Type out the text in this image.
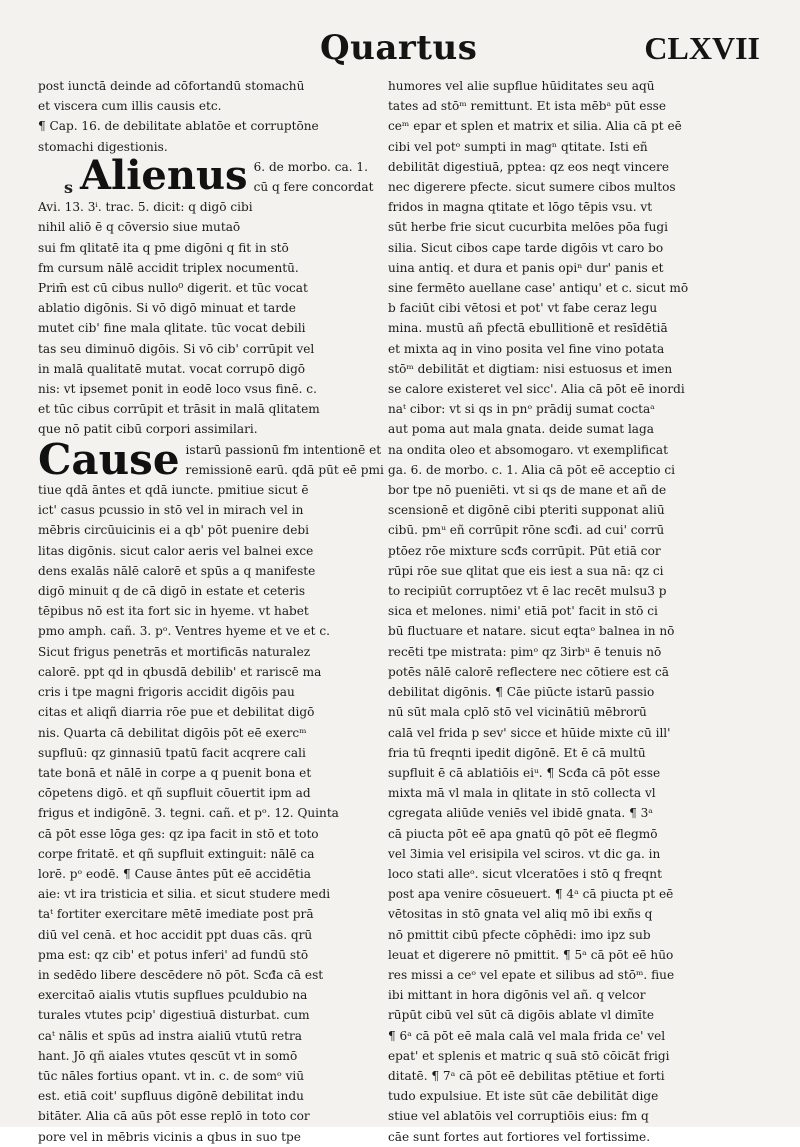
Quartus	CLXVII
s
post iunctā deinde ad cōfortandū stomachū
et viscera cum illis causis etc.
¶ Cap. 16. de debilitate ablatōe et corruptōne
stomachi digestionis.
Alienus 6. de morbo. ca. 1.
cū q fere concordat
Avi. 13. 3ⁱ. trac. 5. dicit: q digō cibi
nihil aliō ē q cōversio siue mutaō
sui fm qlitatē ita q pme digōni q fit in stō
fm cursum nālē accidit triplex nocumentū.
Prim̄ est cū cibus nullo⁰ digerit. et tūc vocat
ablatio digōnis. Si vō digō minuat et tarde
mutet cib' fine mala qlitate. tūc vocat debili
tas seu diminuō digōis. Si vō cib' corrūpit vel
in malā qualitatē mutat. vocat corrupō digō
nis: vt ipsemet ponit in eodē loco vsus finē. c.
et tūc cibus corrūpit et trāsit in malā qlitatem
que nō patit cibū corpori assimilari.
Cause istarū passionū fm intentionē et
remissionē earū. qdā pūt eē pmi
tiue qdā āntes et qdā iuncte. pmitiue sicut ē
ict' casus pcussio in stō vel in mirach vel in
mēbris circūuicinis ei a qb' pōt puenire debi
litas digōnis. sicut calor aeris vel balnei exce
dens exalās nālē calorē et spūs a q manifeste
digō minuit q de cā digō in estate et ceteris
tēpibus nō est ita fort sic in hyeme. vt habet
pmo amph. cañ. 3. pᵒ. Ventres hyeme et ve et c.
Sicut frigus penetrās et mortificās naturalez
calorē. ppt qd in qbusdā debilib' et rariscē ma
cris i tpe magni frigoris accidit digōis pau
citas et aliqñ diarria rōe pue et debilitat digō
nis. Quarta cā debilitat digōis pōt eē exercᵐ
supfluū: qz ginnasiū tpatū facit acqrere cali
tate bonā et nālē in corpe a q puenit bona et
cōpetens digō. et qñ supfluit cōuertit ipm ad
frigus et indigōnē. 3. tegni. cañ. et pᵒ. 12. Quinta
cā pōt esse lōga ges: qz ipa facit in stō et toto
corpe fritatē. et qñ supfluit extinguit: nālē ca
lorē. pᵒ eodē. ¶ Cause āntes pūt eē accidētia
aie: vt ira tristicia et silia. et sicut studere medi
taᵗ fortiter exercitare mētē imediate post prā
diū vel cenā. et hoc accidit ppt duas cās. qrū
pma est: qz cib' et potus inferi' ad fundū stō
in sedēdo libere descēdere nō pōt. Scđa cā est
exercitaō aialis vtutis supflues pculdubio na
turales vtutes pcip' digestiuā disturbat. cum
caᵗ nālis et spūs ad instra aialiū vtutū retra
hant. Jō qñ aiales vtutes qescūt vt in somō
tūc nāles fortius opant. vt in. c. de somᵒ viū
est. etiā coit' supfluus digōnē debilitat indu
bitāter. Alia cā aūs pōt esse replō in toto cor
pore vel in mēbris vicinis a qbus in suo tpe
humores vel alie supflue hūiditates seu aqū
tates ad stōᵐ remittunt. Et ista mēbᵃ pūt esse
ceᵐ epar et splen et matrix et silia. Alia cā pt eē
cibi vel potᵒ sumpti in magⁿ qtitate. Isti eñ
debilitāt digestiuā, pptea: qz eos neqt vincere
nec digerere pfecte. sicut sumere cibos multos
fridos in magna qtitate et lōgo tēpis vsu. vt
sūt herbe frie sicut cucurbita melōes pōa fugi
silia. Sicut cibos cape tarde digōis vt caro bo
uina antiq. et dura et panis opiⁿ dur' panis et
sine fermēto auellane case' antiqu' et c. sicut mō
b faciūt cibi vētosi et pot' vt fabe ceraz legu
mina. mustū añ pfectā ebullitionē et resīdētiā
et mixta aq in vino posita vel fine vino potata
stōᵐ debilitāt et digtiam: nisi estuosus et imen
se calore existeret vel sicc'. Alia cā pōt eē inordi
naᵗ cibor: vt si qs in pnᵒ prādij sumat coctaᵃ
aut poma aut mala gnata. deide sumat laga
na ondita oleo et absomogaro. vt exemplificat
ga. 6. de morbo. c. 1. Alia cā pōt eē acceptio ci
bor tpe nō pueniēti. vt si qs de mane et añ de
scensionē et digōnē cibi pteriti supponat aliū
cibū. pmᵘ eñ corrūpit rōne scđi. ad cui' corrū
ptōez rōe mixture scđs corrūpit. Pūt etiā cor
rūpi rōe sue qlitat que eis iest a sua nā: qz ci
to recipiūt corruptōez vt ē lac recēt mulsu3 p
sica et melones. nimi' etiā pot' facit in stō ci
bū fluctuare et natare. sicut eqtaᵒ balnea in nō
recēti tpe mistrata: pimᵒ qz 3irbᵘ ē tenuis nō
potēs nālē calorē reflectere nec cōtiere est cā
debilitat digōnis. ¶ Cāe piūcte istarū passio
nū sūt mala cplō stō vel vicinātiū mēbrorū
calā vel frida p sev' sicce et hūide mixte cū ill'
fria tū freqnti ipedit digōnē. Et ē cā multū
supfluit ē cā ablatiōis eiᵘ. ¶ Scđa cā pōt esse
mixta mā vl mala in qlitate in stō collecta vl
cgregata aliūde veniēs vel ibidē gnata. ¶ 3ᵃ
cā piucta pōt eē apa gnatū qō pōt eē flegmō
vel 3imia vel erisipila vel sciros. vt dic ga. in
loco stati alleᵒ. sicut vlceratōes i stō q freqnt
post apa venire cōsueuert. ¶ 4ᵃ cā piucta pt eē
vētositas in stō gnata vel aliq mō ibi exñs q
nō pmittit cibū pfecte cōphēdi: imo ipz sub
leuat et digerere nō pmittit. ¶ 5ᵃ cā pōt eē hūo
res missi a ceᵒ vel epate et silibus ad stōᵐ. fiue
ibi mittant in hora digōnis vel añ. q velcor
rūpūt cibū vel sūt cā digōis ablate vl dimīte
¶ 6ᵃ cā pōt eē mala calā vel mala frida ce' vel
epat' et splenis et matric q suā stō cōicāt frigi
ditatē. ¶ 7ᵃ cā pōt eē debilitas ptētiue et forti
tudo expulsiue. Et iste sūt cāe debilitāt dige
stiue vel ablatōis vel corruptiōis eius: fm q
cāe sunt fortes aut fortiores vel fortissime.
